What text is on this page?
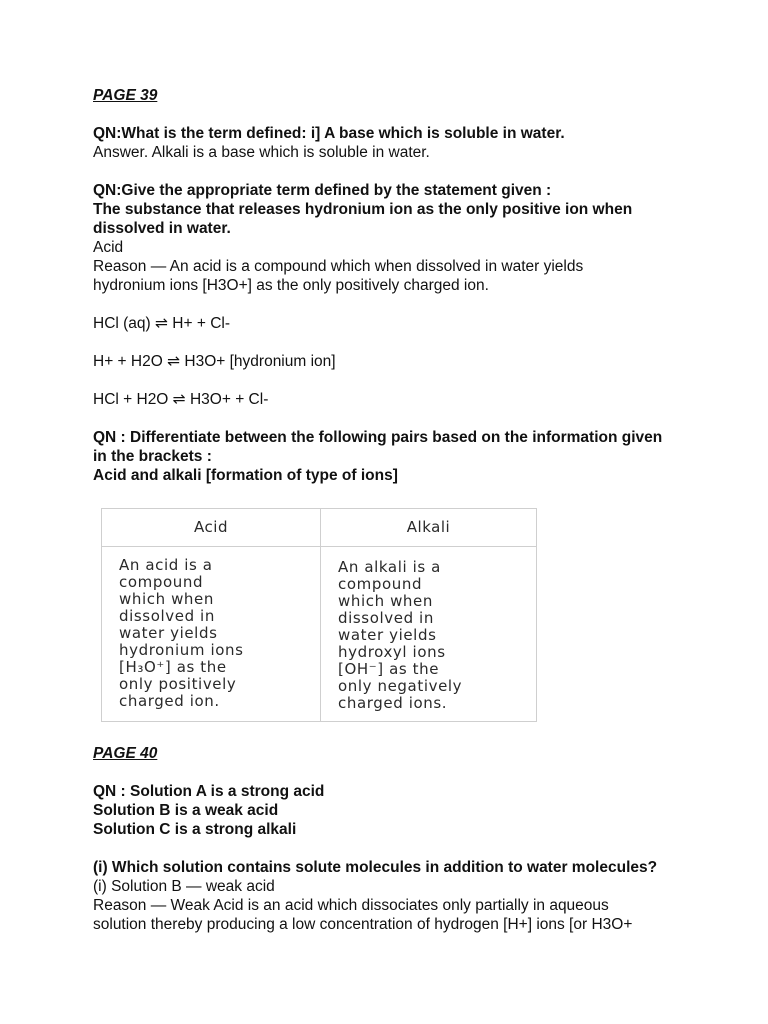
PAGE 39
QN:What is the term defined: i] A base which is soluble in water.
Answer. Alkali is a base which is soluble in water.
QN:Give the appropriate term defined by the statement given :
The substance that releases hydronium ion as the only positive ion when
dissolved in water.
Acid
Reason — An acid is a compound which when dissolved in water yields
hydronium ions [H3O+] as the only positively charged ion.
HCl (aq) ⇌ H+ + Cl-
H+ + H2O ⇌ H3O+ [hydronium ion]
HCl + H2O ⇌ H3O+ + Cl-
QN : Differentiate between the following pairs based on the information given
in the brackets :
Acid and alkali [formation of type of ions]
Acid	Alkali
An acid is a
compound
which when
dissolved in
water yields
hydronium ions
[H₃O⁺] as the
only positively
charged ion.
An alkali is a
compound
which when
dissolved in
water yields
hydroxyl ions
[OH⁻] as the
only negatively
charged ions.
PAGE 40
QN : Solution A is a strong acid
Solution B is a weak acid
Solution C is a strong alkali
(i) Which solution contains solute molecules in addition to water molecules?
(i) Solution B — weak acid
Reason — Weak Acid is an acid which dissociates only partially in aqueous
solution thereby producing a low concentration of hydrogen [H+] ions [or H3O+
